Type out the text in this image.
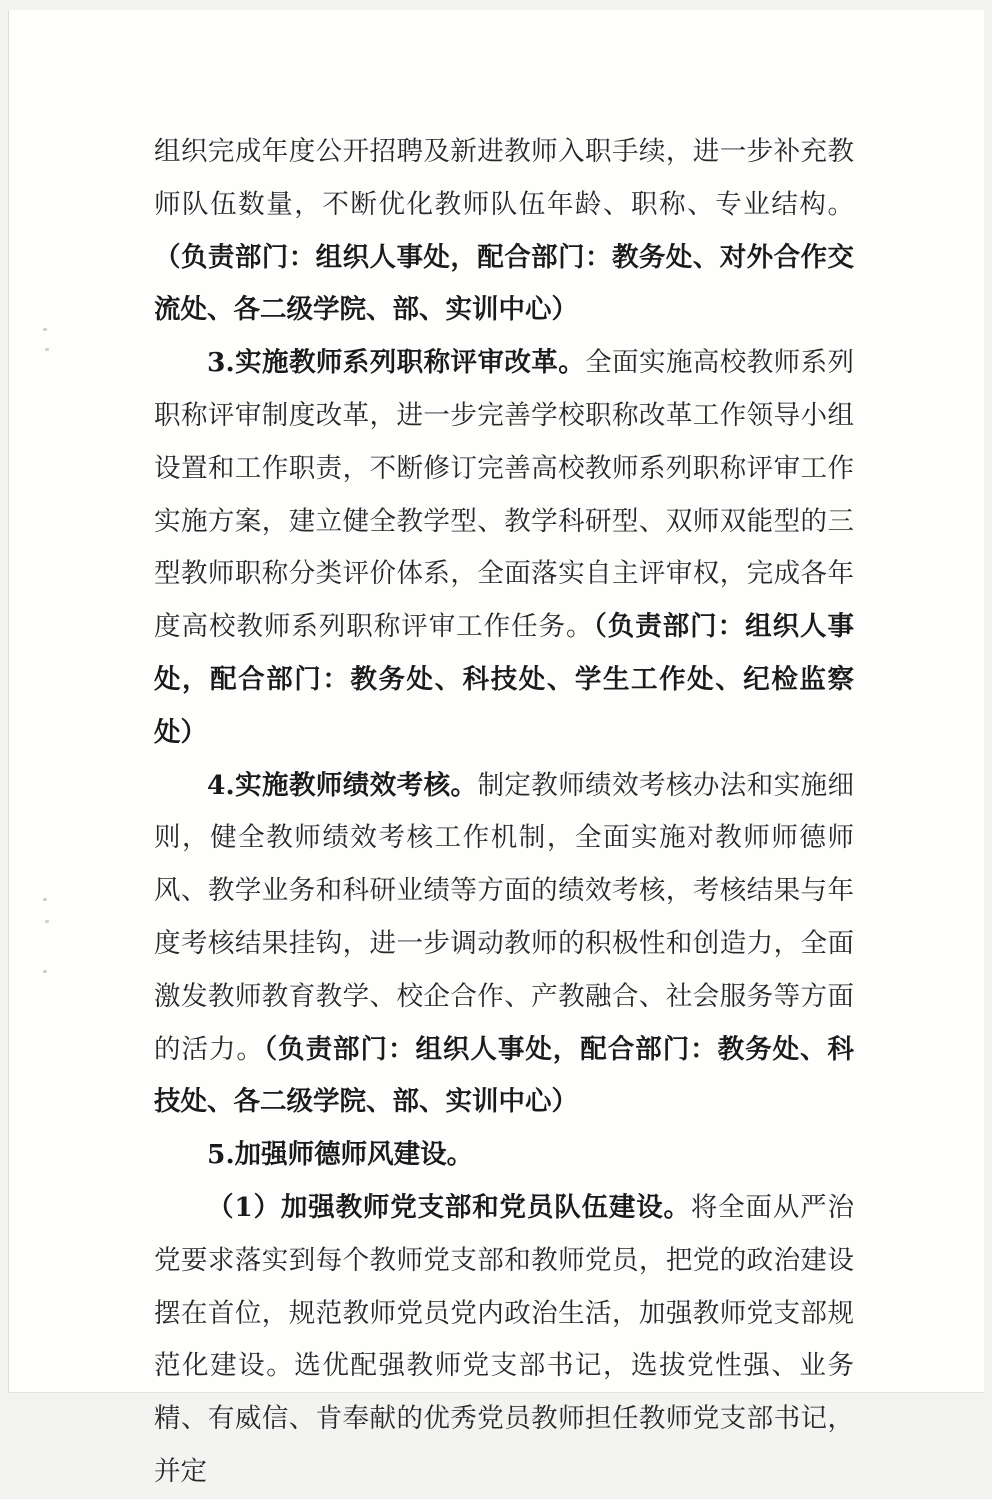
组织完成年度公开招聘及新进教师入职手续，进一步补充教师队伍数量，不断优化教师队伍年龄、职称、专业结构。（负责部门：组织人事处，配合部门：教务处、对外合作交流处、各二级学院、部、实训中心）

3.实施教师系列职称评审改革。全面实施高校教师系列职称评审制度改革，进一步完善学校职称改革工作领导小组设置和工作职责，不断修订完善高校教师系列职称评审工作实施方案，建立健全教学型、教学科研型、双师双能型的三型教师职称分类评价体系，全面落实自主评审权，完成各年度高校教师系列职称评审工作任务。（负责部门：组织人事处，配合部门：教务处、科技处、学生工作处、纪检监察处）

4.实施教师绩效考核。制定教师绩效考核办法和实施细则，健全教师绩效考核工作机制，全面实施对教师师德师风、教学业务和科研业绩等方面的绩效考核，考核结果与年度考核结果挂钩，进一步调动教师的积极性和创造力，全面激发教师教育教学、校企合作、产教融合、社会服务等方面的活力。（负责部门：组织人事处，配合部门：教务处、科技处、各二级学院、部、实训中心）

5.加强师德师风建设。

（1）加强教师党支部和党员队伍建设。将全面从严治党要求落实到每个教师党支部和教师党员，把党的政治建设摆在首位，规范教师党员党内政治生活，加强教师党支部规范化建设。选优配强教师党支部书记，选拔党性强、业务精、有威信、肯奉献的优秀党员教师担任教师党支部书记，并定
